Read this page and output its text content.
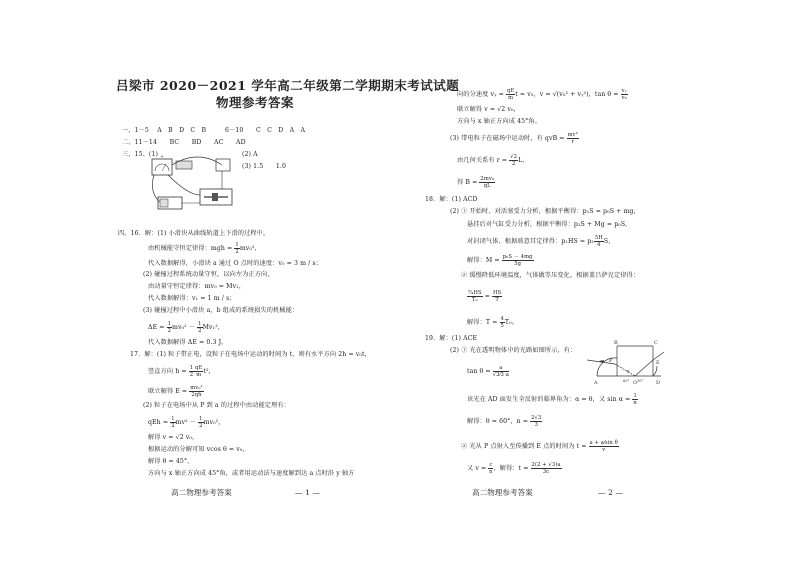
吕梁市 2020－2021 学年高二年级第二学期期末考试试题
物理参考答案
一、1－5　 A　B　D　C　B　　　6－10　　C　C　D　A　A
二、11－14　　BC　　BD　　AC　　AD
三、15、(1)	(2) A
(3) 1.5　　1.0
+
四、16．解：(1) 小滑块从曲线轨道上下滑的过程中，
由机械能守恒定律得：mgh = $\frac{1}{2} mv_0^2$，
代入数据解得，小滑块 a 通过 O 点时的速度：v₀ = 3 m / s；
(2) 碰撞过程系统动量守恒，以向左为正方向，
由动量守恒定律得：mv₀ = Mv₁，
代入数据解得：v₁ = 1 m / s；
(3) 碰撞过程中小滑块 a，b 组成的系统损失的机械能：
$\Delta E = \frac{1}{2} mv_0^2 - \frac{1}{2} Mv_1^2$，
代入数据解得 ΔE = 0.3 J。
17．解：(1) 粒子带正电，设粒子在电场中运动的时间为 t，则有水平方向 2h = v₀t，
竖直方向 $h = \frac{1}{2} \frac{qE}{m} t^2$，
联立解得 $E = \frac{\text{mv₀²}}{2qh}$
(2) 粒子在电场中从 P 到 a 的过程中由动能定理有：
qEh = $\frac{1}{2} mv^2 - \frac{1}{2} mv_0^2$，
解得 v = √2 v₀，
根据运动的分解可知 vcos θ = v₀，
解得 θ = 45°，
方向与 x 轴正方向成 45°角，或者用运动法与速度解到达 a 点时沿 y 轴方
高二物理参考答案	— 1 —
向的分速度 vᵧ = $\frac{qE}{m}$ t = v₀，v = √(v₀² + vᵧ²)，$\tan \theta = \frac{\text{vᵧ}}{\text{v₀}}$
联立解得 v = √2 v₀，
方向与 x 轴正方向成 45°角。
(3) 带电粒子在磁场中运动时，有 qvB = $\frac{\text{mv²}}{r}$
由几何关系有 $r = \frac{√2}{2}$ L，
得 $B = \frac{\text{2mv₀}}{qL}$
18．解：(1) ACD
(2) ① 开始时，对活塞受力分析，根据平衡得：p₁S = p₀S + mg，
悬挂后对气缸受力分析，根据平衡得：p₂S + Mg = p₀S，
对封闭气体，根据玻意耳定律得：$p_1HS = p_2 \frac{5H}{4}$ S，
解得：$M = \frac{\text{p₀S － 4mg}}{5g}$
② 缓慢降低环境温度，气体做等压变化，根据盖吕萨克定律得：
$\frac{\text{⁵⁄₄HS}}{\text{T₀}} = \frac{HS}{T}$
解得：$T = \frac{4}{5} T_0$。
19．解：(1) ACE
(2) ① 光在透明物体中的光路如图所示，有：
$\tan \theta = \frac{a}{√3⁄3 a}$
该光在 AD 面发生全反射的临界角为：α = θ，又 $\sin \alpha = \frac{1}{n}$
解得：θ = 60°，$n = \frac{2√3}{3}$
② 光从 P 点射入至传播到 E 点的时间为 $t = \frac{\text{a + a⁄sin θ}}{v}$
又 $v = \frac{c}{n}$ ，解得：$t = \frac{2(2 + √3)a}{3c}$
A
B	C
D
E
O
P
θ
60° 30°
高二物理参考答案	— 2 —
